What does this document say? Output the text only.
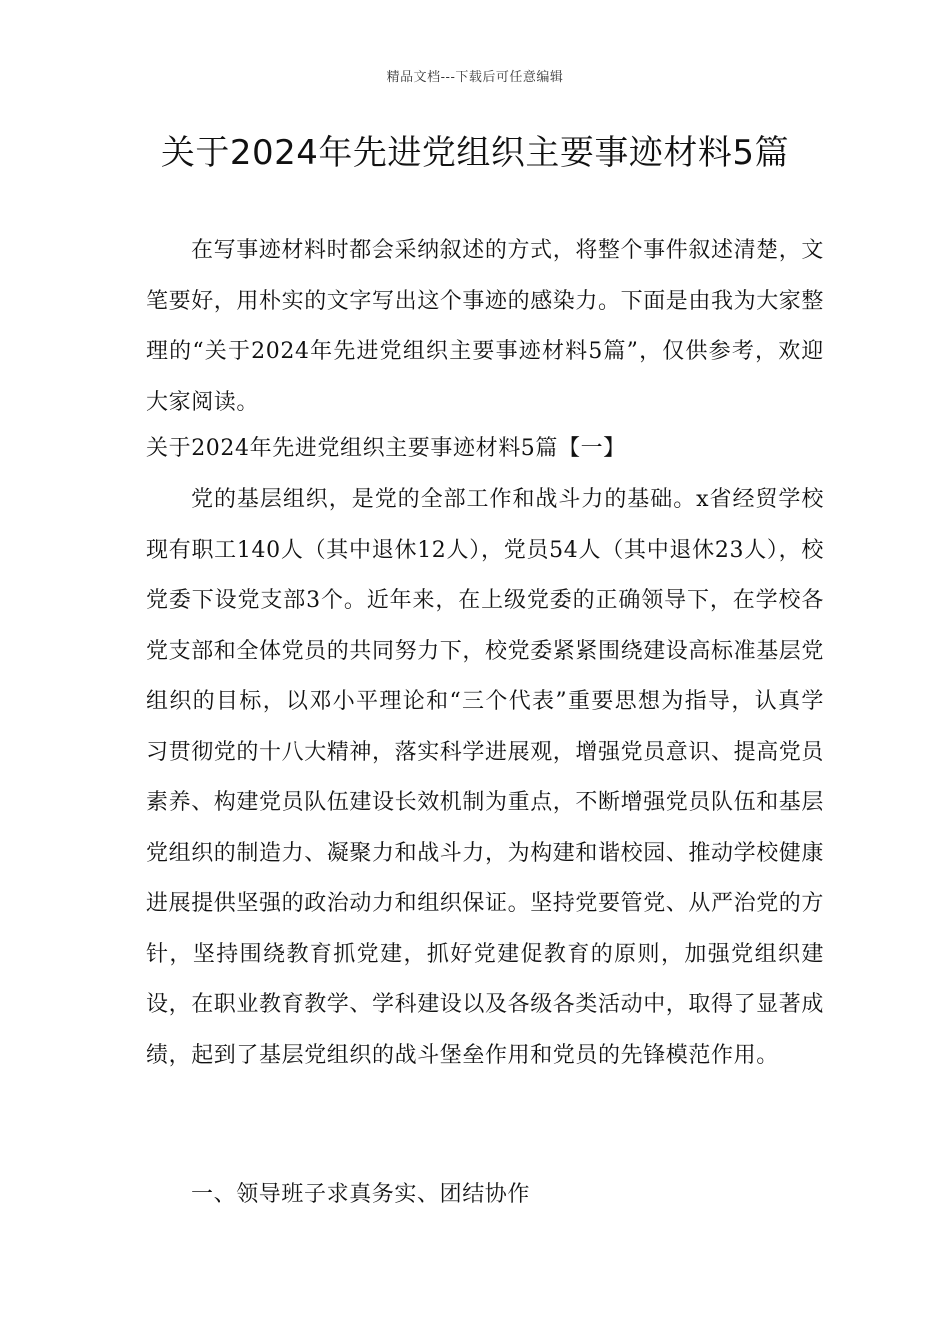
精品文档---下载后可任意编辑
关于2024年先进党组织主要事迹材料5篇

在写事迹材料时都会采纳叙述的方式，将整个事件叙述清楚，文笔要好，用朴实的文字写出这个事迹的感染力。下面是由我为大家整理的“关于2024年先进党组织主要事迹材料5篇”，仅供参考，欢迎大家阅读。

关于2024年先进党组织主要事迹材料5篇【一】

党的基层组织，是党的全部工作和战斗力的基础。x省经贸学校现有职工140人（其中退休12人），党员54人（其中退休23人），校党委下设党支部3个。近年来，在上级党委的正确领导下，在学校各党支部和全体党员的共同努力下，校党委紧紧围绕建设高标准基层党组织的目标，以邓小平理论和“三个代表”重要思想为指导，认真学习贯彻党的十八大精神，落实科学进展观，增强党员意识、提高党员素养、构建党员队伍建设长效机制为重点，不断增强党员队伍和基层党组织的制造力、凝聚力和战斗力，为构建和谐校园、推动学校健康进展提供坚强的政治动力和组织保证。坚持党要管党、从严治党的方针，坚持围绕教育抓党建，抓好党建促教育的原则，加强党组织建设，在职业教育教学、学科建设以及各级各类活动中，取得了显著成绩，起到了基层党组织的战斗堡垒作用和党员的先锋模范作用。

一、领导班子求真务实、团结协作
